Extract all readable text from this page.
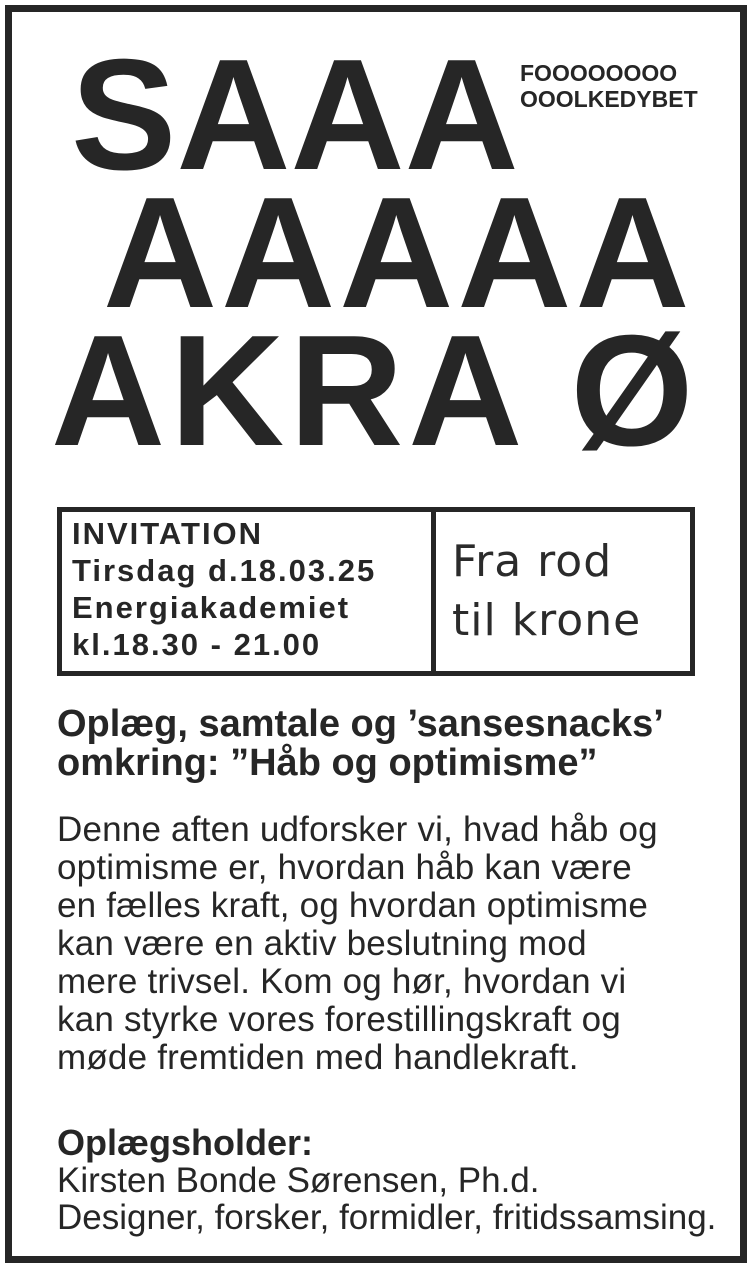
FOOOOOOOO
OOOLKEDYBET
SAAA
AAAAA
AKRA Ø
INVITATION
Tirsdag d.18.03.25
Energiakademiet
kl.18.30 - 21.00
Fra rod
til krone
Oplæg, samtale og ’sansesnacks’
omkring: ”Håb og optimisme”
Denne aften udforsker vi, hvad håb og
optimisme er, hvordan håb kan være
en fælles kraft, og hvordan optimisme
kan være en aktiv beslutning mod
mere trivsel. Kom og hør, hvordan vi
kan styrke vores forestillingskraft og
møde fremtiden med handlekraft.
Oplægsholder:
Kirsten Bonde Sørensen, Ph.d.
Designer, forsker, formidler, fritidssamsing.
